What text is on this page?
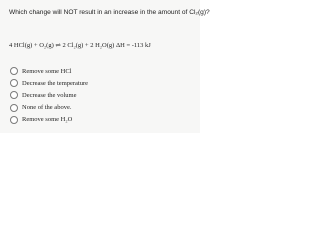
Which change will NOT result in an increase in the amount of Cl₂(g)?
4 HCl(g) + O₂(g) ⇌ 2 Cl₂(g) + 2 H₂O(g) ΔH = -113 kJ
Remove some HCl
Decrease the temperature
Decrease the volume
None of the above.
Remove some H₂O
